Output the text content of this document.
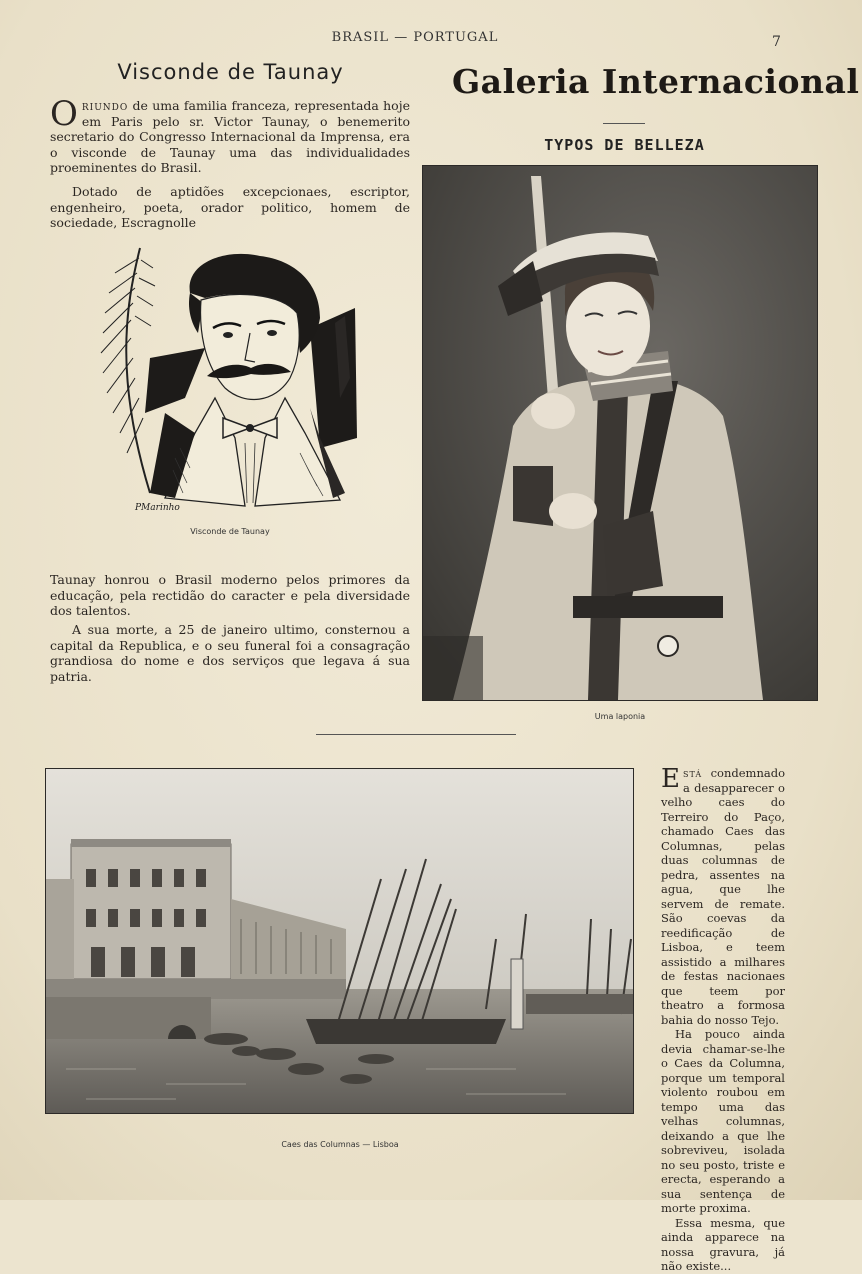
BRASIL — PORTUGAL	7
Visconde de Taunay
Oriundo de uma familia franceza, representada hoje em Paris pelo sr. Victor Taunay, o benemerito secretario do Congresso Internacional da Imprensa, era o visconde de Taunay uma das individualidades proeminentes do Brasil.
Dotado de aptidões excepcionaes, escriptor, engenheiro, poeta, orador politico, homem de sociedade, Escragnolle
PMarinho
Visconde de Taunay
Taunay honrou o Brasil moderno pelos primores da educação, pela rectidão do caracter e pela diversidade dos talentos.
A sua morte, a 25 de janeiro ultimo, consternou a capital da Republica, e o seu funeral foi a consagração grandiosa do nome e dos serviços que legava á sua patria.
Galeria Internacional
TYPOS DE BELLEZA
Uma laponia
Caes das Columnas — Lisboa

Está condemnado a desapparecer o velho caes do Terreiro do Paço, chamado Caes das Columnas, pelas duas columnas de pedra, assentes na agua, que lhe servem de remate. São coevas da reedificação de Lisboa, e teem assistido a milhares de festas nacionaes que teem por theatro a formosa bahia do nosso Tejo.

Ha pouco ainda devia chamar-se-lhe o Caes da Columna, porque um temporal violento roubou em tempo uma das velhas columnas, deixando a que lhe sobreviveu, isolada no seu posto, triste e erecta, esperando a sua sentença de morte proxima.

Essa mesma, que ainda apparece na nossa gravura, já não existe...
